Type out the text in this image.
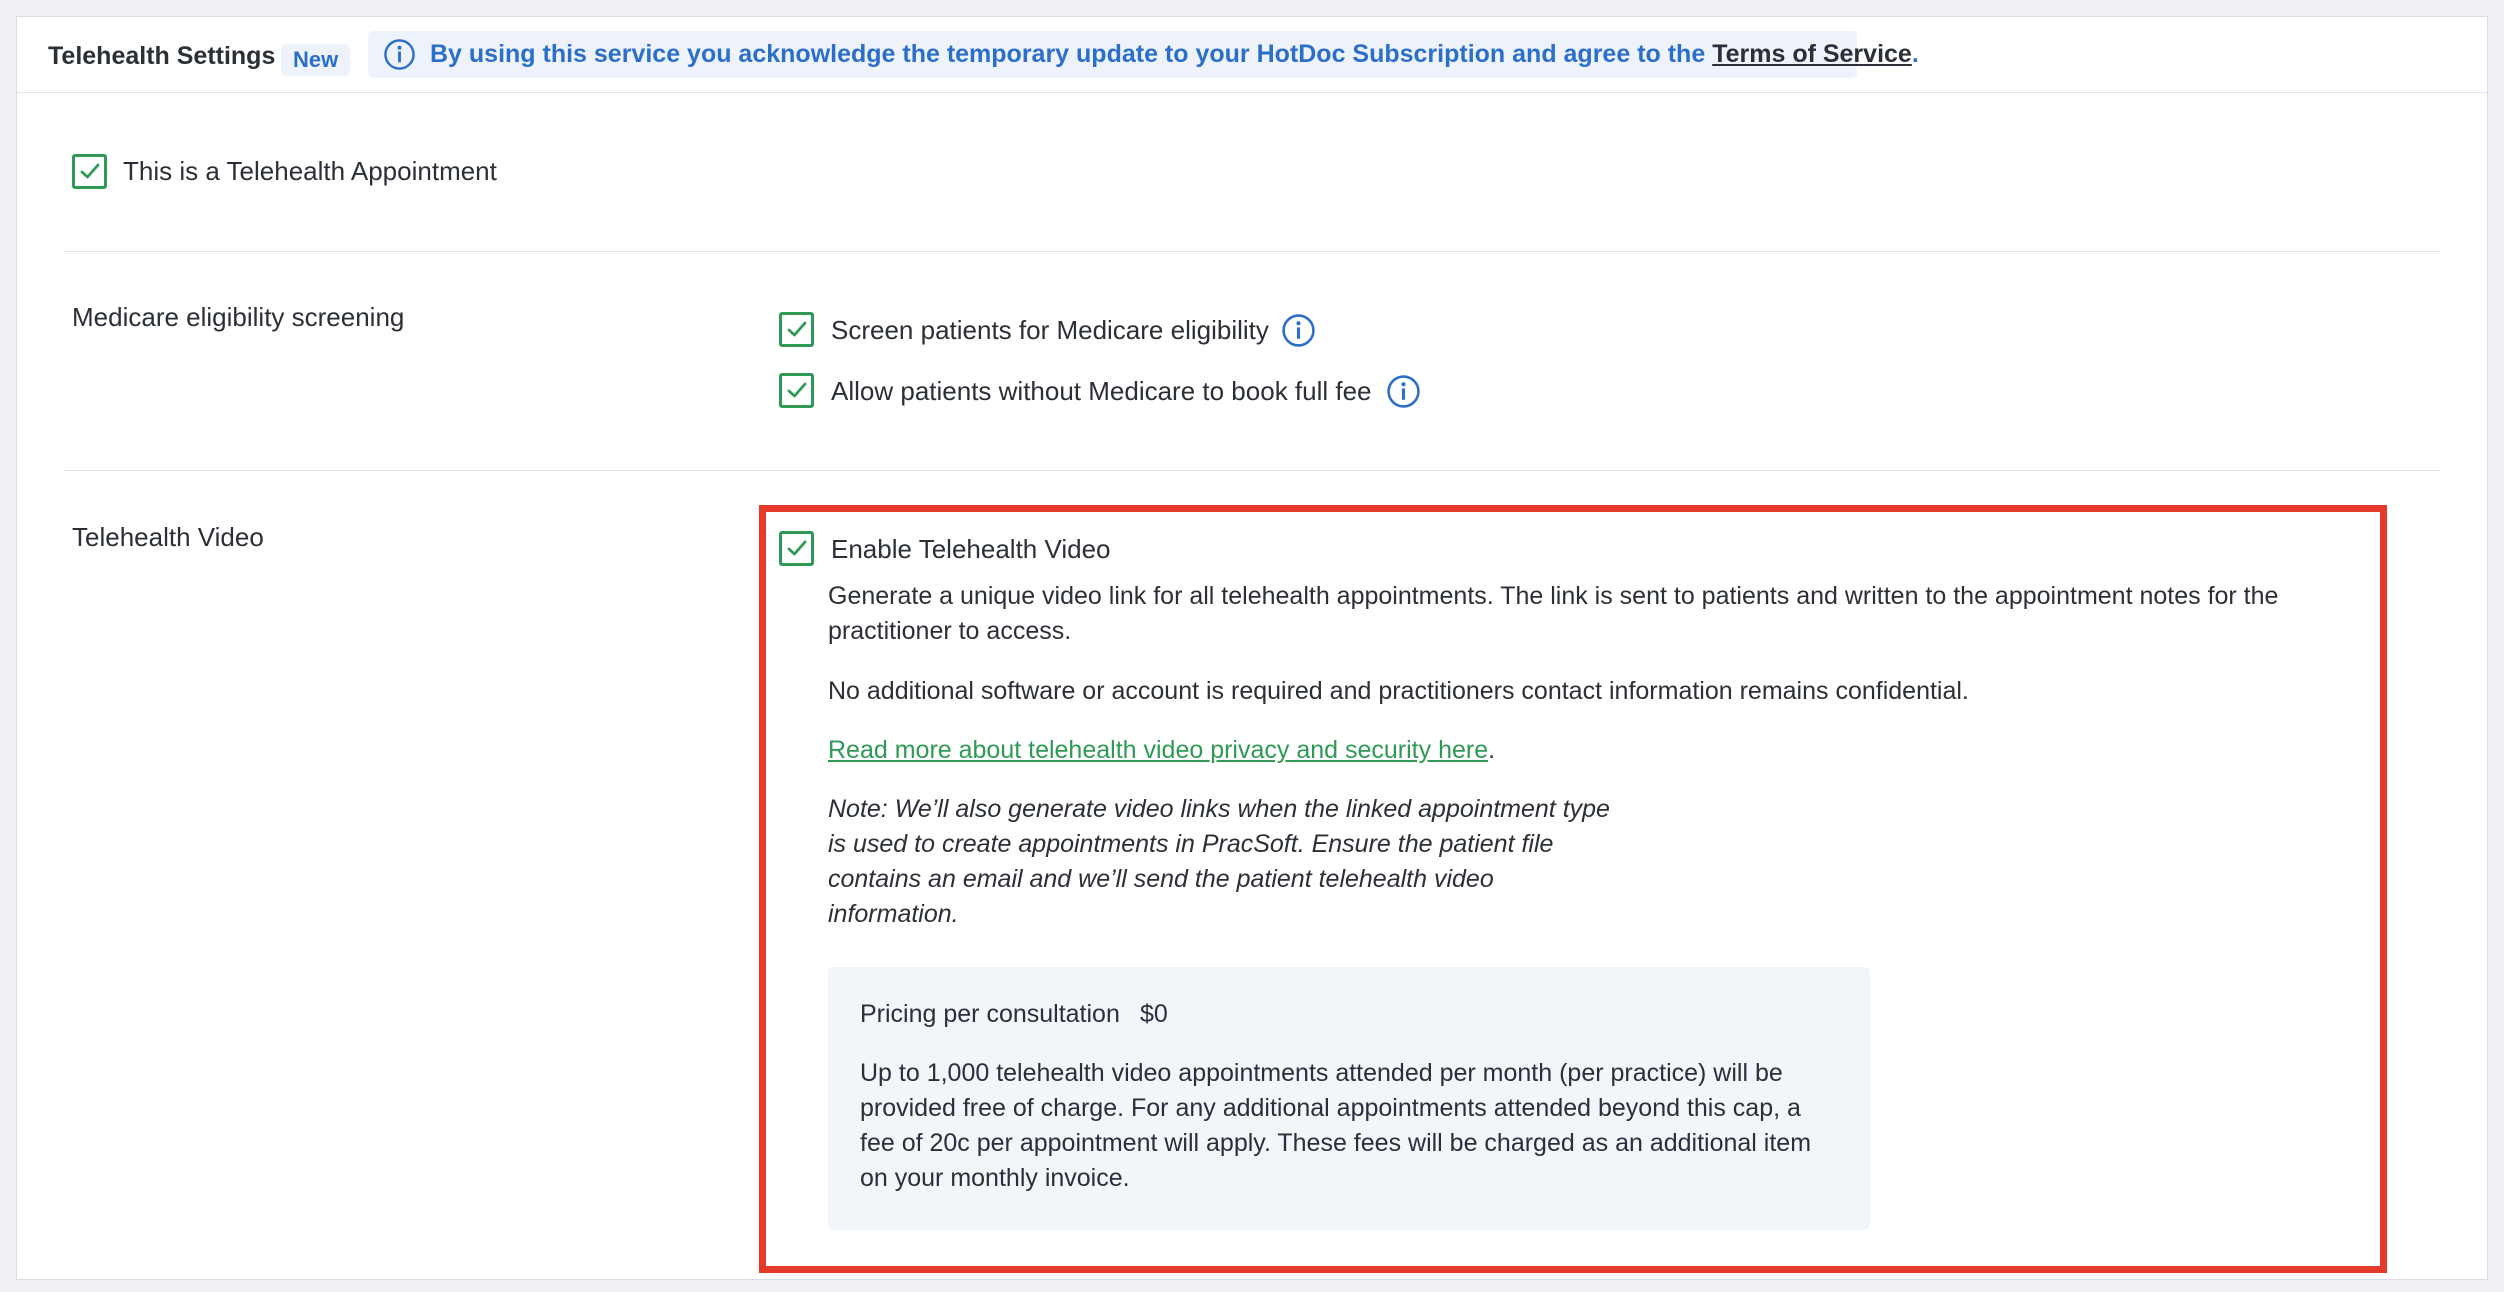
Telehealth Settings New	By using this service you acknowledge the temporary update to your HotDoc Subscription and agree to the Terms of Service.
This is a Telehealth Appointment
Medicare eligibility screening	Screen patients for Medicare eligibility
Allow patients without Medicare to book full fee
Telehealth Video	Enable Telehealth Video
Generate a unique video link for all telehealth appointments. The link is sent to patients and written to the appointment notes for the practitioner to access.
No additional software or account is required and practitioners contact information remains confidential.
Read more about telehealth video privacy and security here.
Note: We’ll also generate video links when the linked appointment type is used to create appointments in PracSoft. Ensure the patient file contains an email and we’ll send the patient telehealth video information.
Pricing per consultation $0
Up to 1,000 telehealth video appointments attended per month (per practice) will be provided free of charge. For any additional appointments attended beyond this cap, a fee of 20c per appointment will apply. These fees will be charged as an additional item on your monthly invoice.
